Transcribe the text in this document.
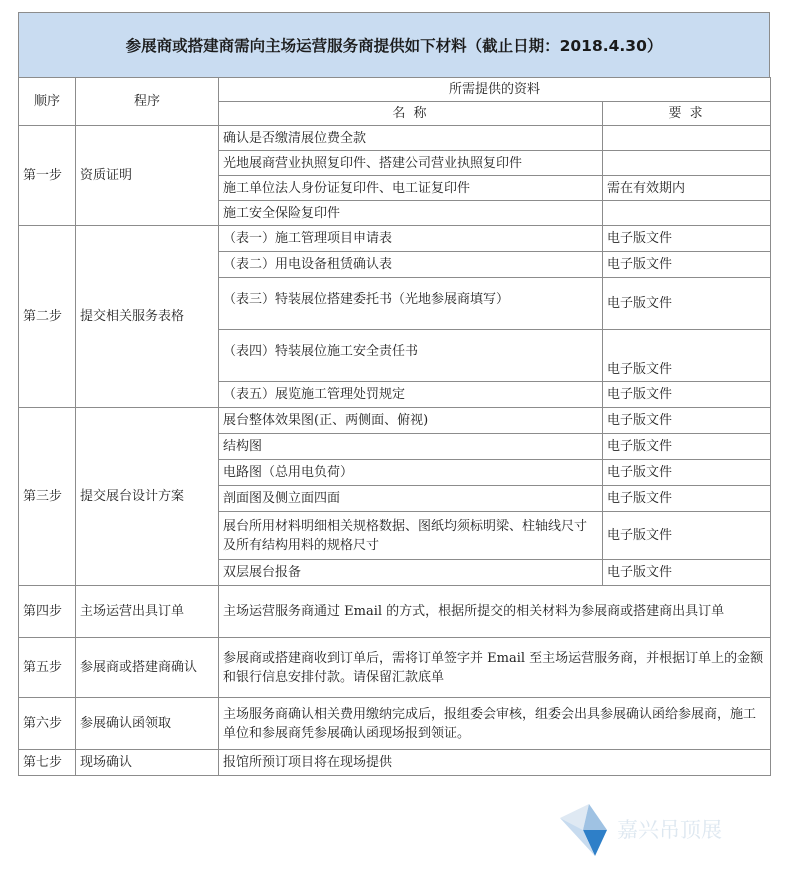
参展商或搭建商需向主场运营服务商提供如下材料（截止日期：2018.4.30）
顺序	程序	所需提供的资料	
		名 称	要 求
第一步	资质证明	确认是否缴清展位费全款	
		光地展商营业执照复印件、搭建公司营业执照复印件	
		施工单位法人身份证复印件、电工证复印件	需在有效期内
		施工安全保险复印件	
第二步	提交相关服务表格	（表一）施工管理项目申请表	电子版文件
		（表二）用电设备租赁确认表	电子版文件
		（表三）特装展位搭建委托书（光地参展商填写）	电子版文件
		（表四）特装展位施工安全责任书	电子版文件
		（表五）展览施工管理处罚规定	电子版文件
第三步	提交展台设计方案	展台整体效果图(正、两侧面、俯视)	电子版文件
		结构图	电子版文件
		电路图（总用电负荷）	电子版文件
		剖面图及侧立面四面	电子版文件
		展台所用材料明细相关规格数据、图纸均须标明梁、柱轴线尺寸及所有结构用料的规格尺寸	电子版文件
		双层展台报备	电子版文件
第四步	主场运营出具订单	主场运营服务商通过 Email 的方式，根据所提交的相关材料为参展商或搭建商出具订单	
第五步	参展商或搭建商确认	参展商或搭建商收到订单后，需将订单签字并 Email 至主场运营服务商，并根据订单上的金额和银行信息安排付款。请保留汇款底单	
第六步	参展确认函领取	主场服务商确认相关费用缴纳完成后，报组委会审核，组委会出具参展确认函给参展商，施工单位和参展商凭参展确认函现场报到领证。	
第七步	现场确认	报馆所预订项目将在现场提供	
嘉兴吊顶展
